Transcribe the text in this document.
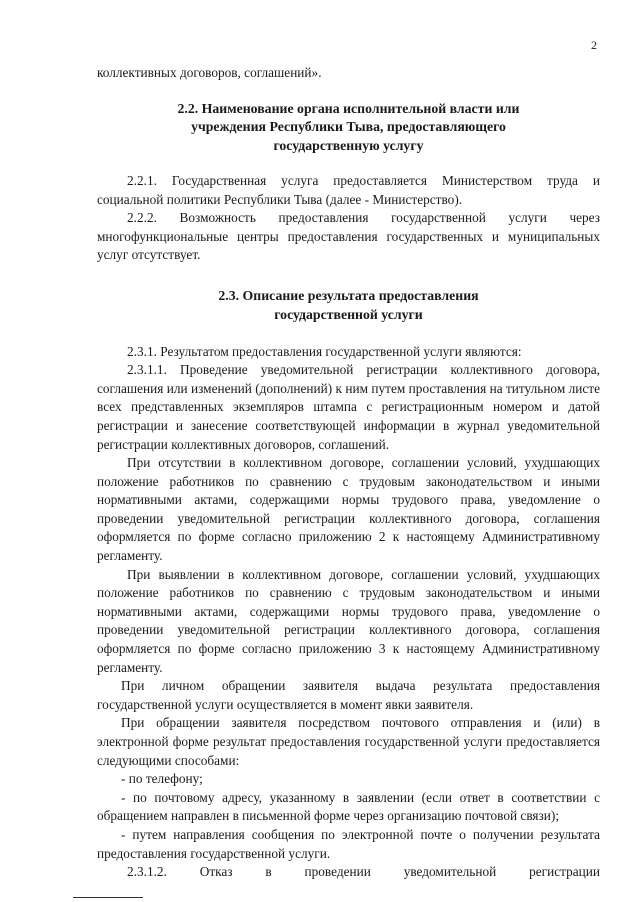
2

коллективных договоров, соглашений».

2.2. Наименование органа исполнительной власти или
учреждения Республики Тыва, предоставляющего
государственную услугу

2.2.1. Государственная услуга предоставляется Министерством труда и социальной политики Республики Тыва (далее - Министерство).

2.2.2. Возможность предоставления государственной услуги через многофункциональные центры предоставления государственных и муниципальных услуг отсутствует.

2.3. Описание результата предоставления
государственной услуги

2.3.1. Результатом предоставления государственной услуги являются:

2.3.1.1. Проведение уведомительной регистрации коллективного договора, соглашения или изменений (дополнений) к ним путем проставления на титульном листе всех представленных экземпляров штампа с регистрационным номером и датой регистрации и занесение соответствующей информации в журнал уведомительной регистрации коллективных договоров, соглашений.

При отсутствии в коллективном договоре, соглашении условий, ухудшающих положение работников по сравнению с трудовым законодательством и иными нормативными актами, содержащими нормы трудового права, уведомление о проведении уведомительной регистрации коллективного договора, соглашения оформляется по форме согласно приложению 2 к настоящему Административному регламенту.

При выявлении в коллективном договоре, соглашении условий, ухудшающих положение работников по сравнению с трудовым законодательством и иными нормативными актами, содержащими нормы трудового права, уведомление о проведении уведомительной регистрации коллективного договора, соглашения оформляется по форме согласно приложению 3 к настоящему Административному регламенту.

При личном обращении заявителя выдача результата предоставления государственной услуги осуществляется в момент явки заявителя.

При обращении заявителя посредством почтового отправления и (или) в электронной форме результат предоставления государственной услуги предоставляется следующими способами:

- по телефону;

- по почтовому адресу, указанному в заявлении (если ответ в соответствии с обращением направлен в письменной форме через организацию почтовой связи);

- путем направления сообщения по электронной почте о получении результата предоставления государственной услуги.

2.3.1.2. Отказ в проведении уведомительной регистрации
